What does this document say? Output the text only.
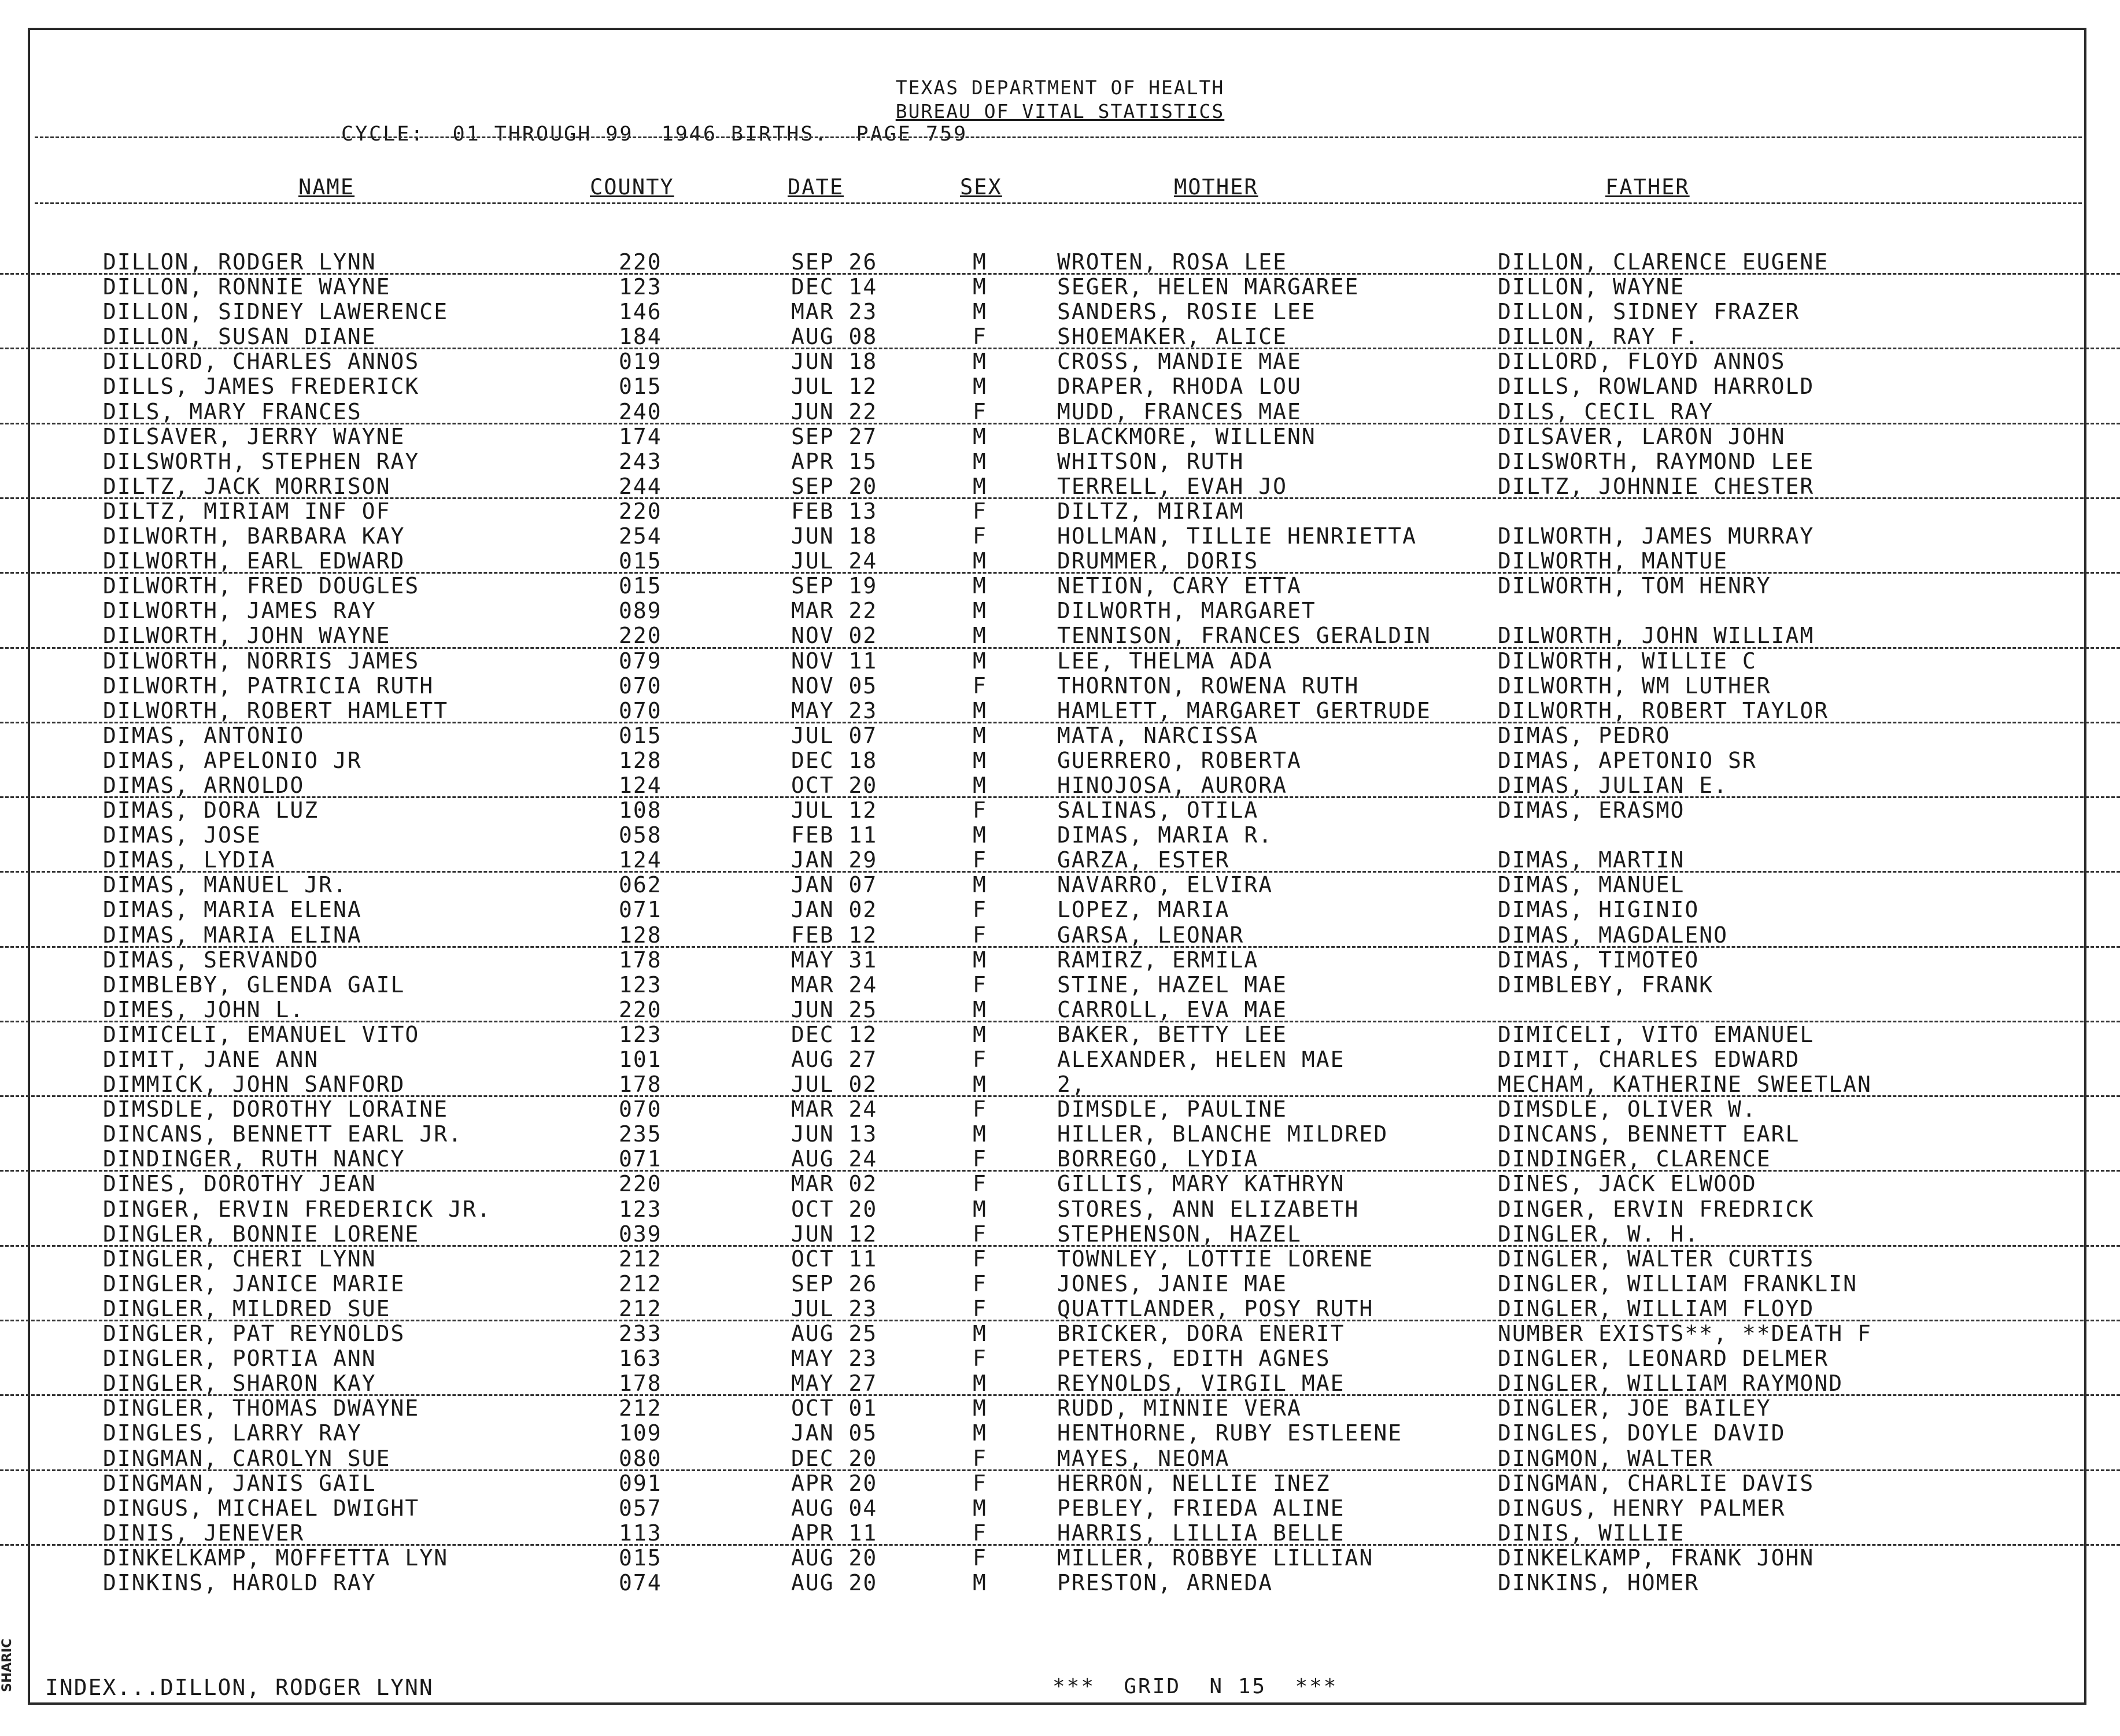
SHARIC
TEXAS DEPARTMENT OF HEALTH
BUREAU OF VITAL STATISTICS
CYCLE:  01 THROUGH 99  1946 BIRTHS.  PAGE 759
NAME	COUNTY	DATE	SEX	MOTHER	FATHER
DILLON, RODGER LYNN	220	SEP 26	M	WROTEN, ROSA LEE	DILLON, CLARENCE EUGENE
DILLON, RONNIE WAYNE	123	DEC 14	M	SEGER, HELEN MARGAREE	DILLON, WAYNE
DILLON, SIDNEY LAWERENCE	146	MAR 23	M	SANDERS, ROSIE LEE	DILLON, SIDNEY FRAZER
DILLON, SUSAN DIANE	184	AUG 08	F	SHOEMAKER, ALICE	DILLON, RAY F.
DILLORD, CHARLES ANNOS	019	JUN 18	M	CROSS, MANDIE MAE	DILLORD, FLOYD ANNOS
DILLS, JAMES FREDERICK	015	JUL 12	M	DRAPER, RHODA LOU	DILLS, ROWLAND HARROLD
DILS, MARY FRANCES	240	JUN 22	F	MUDD, FRANCES MAE	DILS, CECIL RAY
DILSAVER, JERRY WAYNE	174	SEP 27	M	BLACKMORE, WILLENN	DILSAVER, LARON JOHN
DILSWORTH, STEPHEN RAY	243	APR 15	M	WHITSON, RUTH	DILSWORTH, RAYMOND LEE
DILTZ, JACK MORRISON	244	SEP 20	M	TERRELL, EVAH JO	DILTZ, JOHNNIE CHESTER
DILTZ, MIRIAM INF OF	220	FEB 13	F	DILTZ, MIRIAM
DILWORTH, BARBARA KAY	254	JUN 18	F	HOLLMAN, TILLIE HENRIETTA	DILWORTH, JAMES MURRAY
DILWORTH, EARL EDWARD	015	JUL 24	M	DRUMMER, DORIS	DILWORTH, MANTUE
DILWORTH, FRED DOUGLES	015	SEP 19	M	NETION, CARY ETTA	DILWORTH, TOM HENRY
DILWORTH, JAMES RAY	089	MAR 22	M	DILWORTH, MARGARET
DILWORTH, JOHN WAYNE	220	NOV 02	M	TENNISON, FRANCES GERALDIN	DILWORTH, JOHN WILLIAM
DILWORTH, NORRIS JAMES	079	NOV 11	M	LEE, THELMA ADA	DILWORTH, WILLIE C
DILWORTH, PATRICIA RUTH	070	NOV 05	F	THORNTON, ROWENA RUTH	DILWORTH, WM LUTHER
DILWORTH, ROBERT HAMLETT	070	MAY 23	M	HAMLETT, MARGARET GERTRUDE	DILWORTH, ROBERT TAYLOR
DIMAS, ANTONIO	015	JUL 07	M	MATA, NARCISSA	DIMAS, PEDRO
DIMAS, APELONIO JR	128	DEC 18	M	GUERRERO, ROBERTA	DIMAS, APETONIO SR
DIMAS, ARNOLDO	124	OCT 20	M	HINOJOSA, AURORA	DIMAS, JULIAN E.
DIMAS, DORA LUZ	108	JUL 12	F	SALINAS, OTILA	DIMAS, ERASMO
DIMAS, JOSE	058	FEB 11	M	DIMAS, MARIA R.
DIMAS, LYDIA	124	JAN 29	F	GARZA, ESTER	DIMAS, MARTIN
DIMAS, MANUEL JR.	062	JAN 07	M	NAVARRO, ELVIRA	DIMAS, MANUEL
DIMAS, MARIA ELENA	071	JAN 02	F	LOPEZ, MARIA	DIMAS, HIGINIO
DIMAS, MARIA ELINA	128	FEB 12	F	GARSA, LEONAR	DIMAS, MAGDALENO
DIMAS, SERVANDO	178	MAY 31	M	RAMIRZ, ERMILA	DIMAS, TIMOTEO
DIMBLEBY, GLENDA GAIL	123	MAR 24	F	STINE, HAZEL MAE	DIMBLEBY, FRANK
DIMES, JOHN L.	220	JUN 25	M	CARROLL, EVA MAE
DIMICELI, EMANUEL VITO	123	DEC 12	M	BAKER, BETTY LEE	DIMICELI, VITO EMANUEL
DIMIT, JANE ANN	101	AUG 27	F	ALEXANDER, HELEN MAE	DIMIT, CHARLES EDWARD
DIMMICK, JOHN SANFORD	178	JUL 02	M	2,	MECHAM, KATHERINE SWEETLAN
DIMSDLE, DOROTHY LORAINE	070	MAR 24	F	DIMSDLE, PAULINE	DIMSDLE, OLIVER W.
DINCANS, BENNETT EARL JR.	235	JUN 13	M	HILLER, BLANCHE MILDRED	DINCANS, BENNETT EARL
DINDINGER, RUTH NANCY	071	AUG 24	F	BORREGO, LYDIA	DINDINGER, CLARENCE
DINES, DOROTHY JEAN	220	MAR 02	F	GILLIS, MARY KATHRYN	DINES, JACK ELWOOD
DINGER, ERVIN FREDERICK JR.	123	OCT 20	M	STORES, ANN ELIZABETH	DINGER, ERVIN FREDRICK
DINGLER, BONNIE LORENE	039	JUN 12	F	STEPHENSON, HAZEL	DINGLER, W. H.
DINGLER, CHERI LYNN	212	OCT 11	F	TOWNLEY, LOTTIE LORENE	DINGLER, WALTER CURTIS
DINGLER, JANICE MARIE	212	SEP 26	F	JONES, JANIE MAE	DINGLER, WILLIAM FRANKLIN
DINGLER, MILDRED SUE	212	JUL 23	F	QUATTLANDER, POSY RUTH	DINGLER, WILLIAM FLOYD
DINGLER, PAT REYNOLDS	233	AUG 25	M	BRICKER, DORA ENERIT	NUMBER EXISTS**, **DEATH F
DINGLER, PORTIA ANN	163	MAY 23	F	PETERS, EDITH AGNES	DINGLER, LEONARD DELMER
DINGLER, SHARON KAY	178	MAY 27	M	REYNOLDS, VIRGIL MAE	DINGLER, WILLIAM RAYMOND
DINGLER, THOMAS DWAYNE	212	OCT 01	M	RUDD, MINNIE VERA	DINGLER, JOE BAILEY
DINGLES, LARRY RAY	109	JAN 05	M	HENTHORNE, RUBY ESTLEENE	DINGLES, DOYLE DAVID
DINGMAN, CAROLYN SUE	080	DEC 20	F	MAYES, NEOMA	DINGMON, WALTER
DINGMAN, JANIS GAIL	091	APR 20	F	HERRON, NELLIE INEZ	DINGMAN, CHARLIE DAVIS
DINGUS, MICHAEL DWIGHT	057	AUG 04	M	PEBLEY, FRIEDA ALINE	DINGUS, HENRY PALMER
DINIS, JENEVER	113	APR 11	F	HARRIS, LILLIA BELLE	DINIS, WILLIE
DINKELKAMP, MOFFETTA LYN	015	AUG 20	F	MILLER, ROBBYE LILLIAN	DINKELKAMP, FRANK JOHN
DINKINS, HAROLD RAY	074	AUG 20	M	PRESTON, ARNEDA	DINKINS, HOMER
INDEX...DILLON, RODGER LYNN	***  GRID  N 15  ***
